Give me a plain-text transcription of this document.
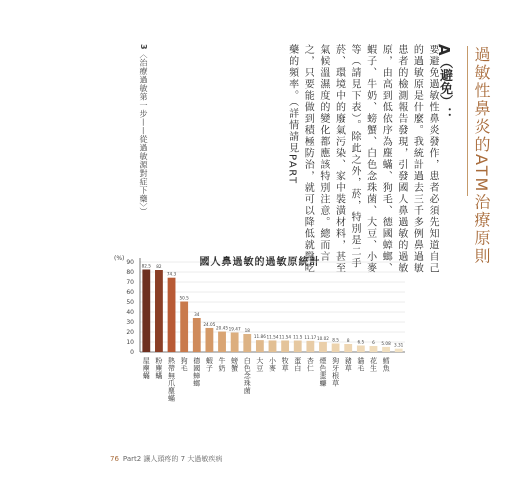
過敏性鼻炎的ATM治療原則
A（避免）：
要避免過敏性鼻炎發作，患者必須先知道自己的過敏原是什麼。我統計過去三千多例鼻過敏患者的檢測報告發現，引發國人鼻過敏的過敏原，由高到低依序為塵蟎、狗毛、德國蟑螂、蝦子、牛奶、螃蟹、白色念珠菌、大豆、小麥等（請見下表）。除此之外，菸，特別是二手菸、環境中的廢氣污染、家中裝潢材料，甚至氣候溫濕度的變化都應該特別注意。總而言之，只要能做到積極防治，就可以降低就醫吃藥的頻率。（詳情請見PART
3〈治療過敏第一步——從過敏源對症下藥〉）
國人鼻過敏的過敏原統計
(%)
0
10
20
30
40
50
60
70
80
90 82.5 82
74.3
50.5
34
24.05
20.45 19.47 18
11.86 11.54 11.54 11.5 11.17 10.02 8.5 8 6.5 6 5.08 3.31
屋塵蟎 粉塵蟎 熱帶無爪塵蟎 狗毛 德國蟑螂 蝦子 牛奶 螃蟹 白色念珠菌 大豆 小麥 牧草 蛋白 杏仁 煙色蜚蠊 狗牙根草 豬草 貓毛 花生 鱈魚
76 Part2 讓人頭疼的 7 大過敏疾病
